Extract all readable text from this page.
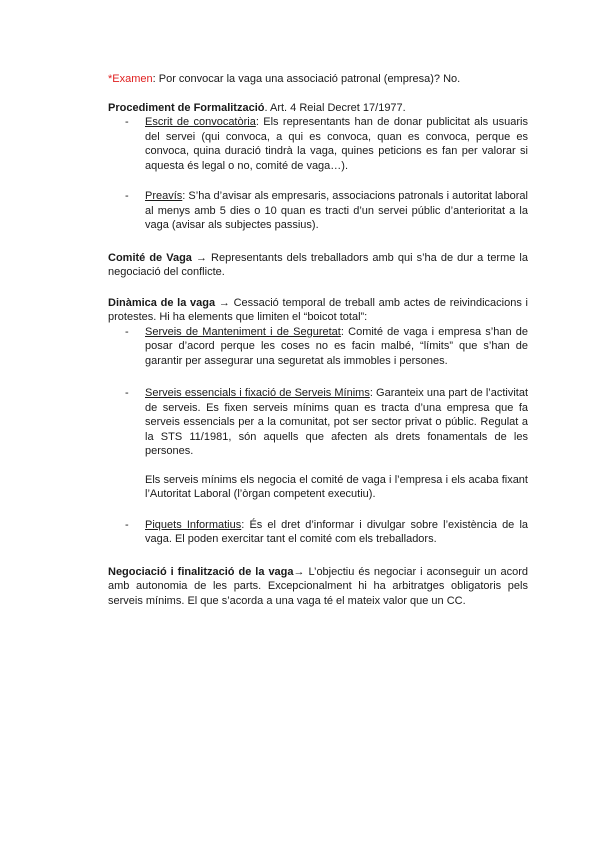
*Examen: Por convocar la vaga una associació patronal (empresa)? No.

Procediment de Formalització. Art. 4 Reial Decret 17/1977.

- Escrit de convocatòria: Els representants han de donar publicitat als usuaris del servei (qui convoca, a qui es convoca, quan es convoca, perque es convoca, quina duració tindrà la vaga, quines peticions es fan per valorar si aquesta és legal o no, comité de vaga…).
- Preavís: S’ha d’avisar als empresaris, associacions patronals i autoritat laboral al menys amb 5 dies o 10 quan es tracti d’un servei públic d’anterioritat a la vaga (avisar als subjectes passius).

Comité de Vaga → Representants dels treballadors amb qui s’ha de dur a terme la negociació del conflicte.

Dinàmica de la vaga → Cessació temporal de treball amb actes de reivindicacions i protestes. Hi ha elements que limiten el “boicot total”:

- Serveis de Manteniment i de Seguretat: Comité de vaga i empresa s’han de posar d’acord perque les coses no es facin malbé, “límits” que s’han de garantir per assegurar una seguretat als immobles i persones.
- Serveis essencials i fixació de Serveis Mínims: Garanteix una part de l’activitat de serveis. Es fixen serveis mínims quan es tracta d’una empresa que fa serveis essencials per a la comunitat, pot ser sector privat o públic. Regulat a la STS 11/1981, són aquells que afecten als drets fonamentals de les persones.

Els serveis mínims els negocia el comité de vaga i l’empresa i els acaba fixant l’Autoritat Laboral (l’òrgan competent executiu).

- Piquets Informatius: És el dret d’informar i divulgar sobre l’existència de la vaga. El poden exercitar tant el comité com els treballadors.

Negociació i finalització de la vaga→ L’objectiu és negociar i aconseguir un acord amb autonomia de les parts. Excepcionalment hi ha arbitratges obligatoris pels serveis mínims. El que s’acorda a una vaga té el mateix valor que un CC.
